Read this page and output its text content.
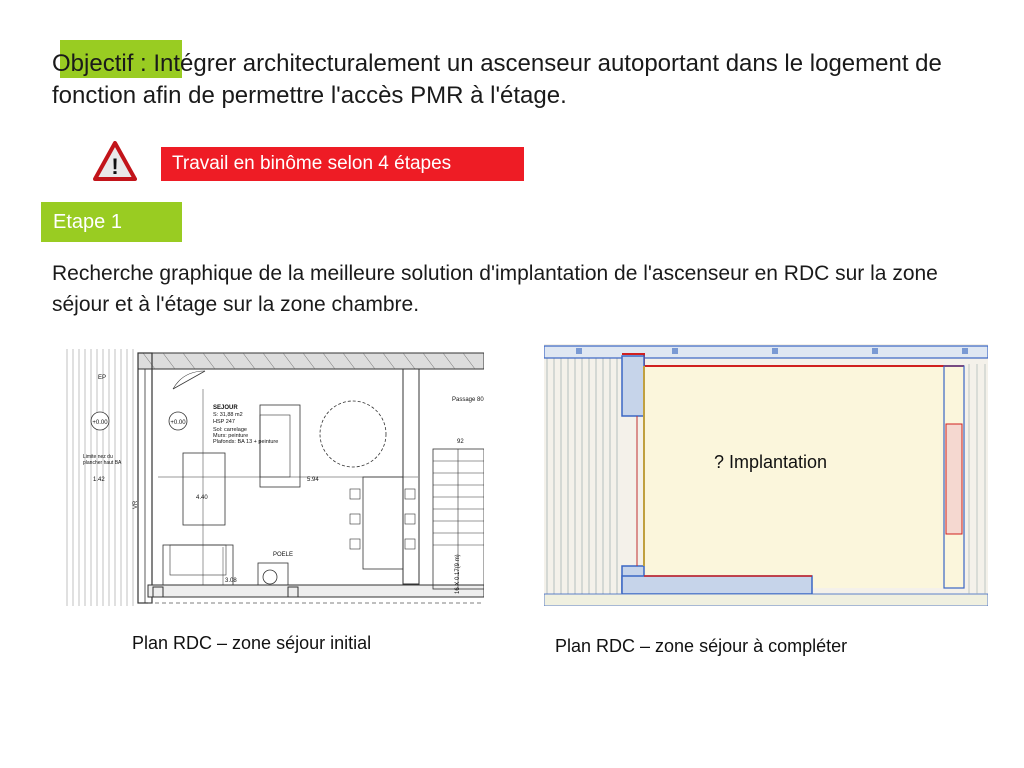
Objectif : Intégrer architecturalement un ascenseur autoportant dans le logement de fonction afin de permettre l'accès PMR à l'étage.

!	Travail en binôme selon 4 étapes
Etape 1

Recherche graphique de la meilleure solution d'implantation de l'ascenseur en RDC sur la zone séjour et à l'étage sur la zone chambre.

+0.00	+0.00
EP
Limite nez du
plancher haut BA
SEJOUR
S: 31,88 m2
HSP 247
Sol: carrelage
Murs: peinture
Plafonds: BA 13 + peinture
Passage 80
POELE
5.94
4.40
3.08
1.42
92
VR
16 X 0.17(9 m)
? Implantation

Plan RDC – zone séjour initial	Plan RDC – zone séjour à compléter
